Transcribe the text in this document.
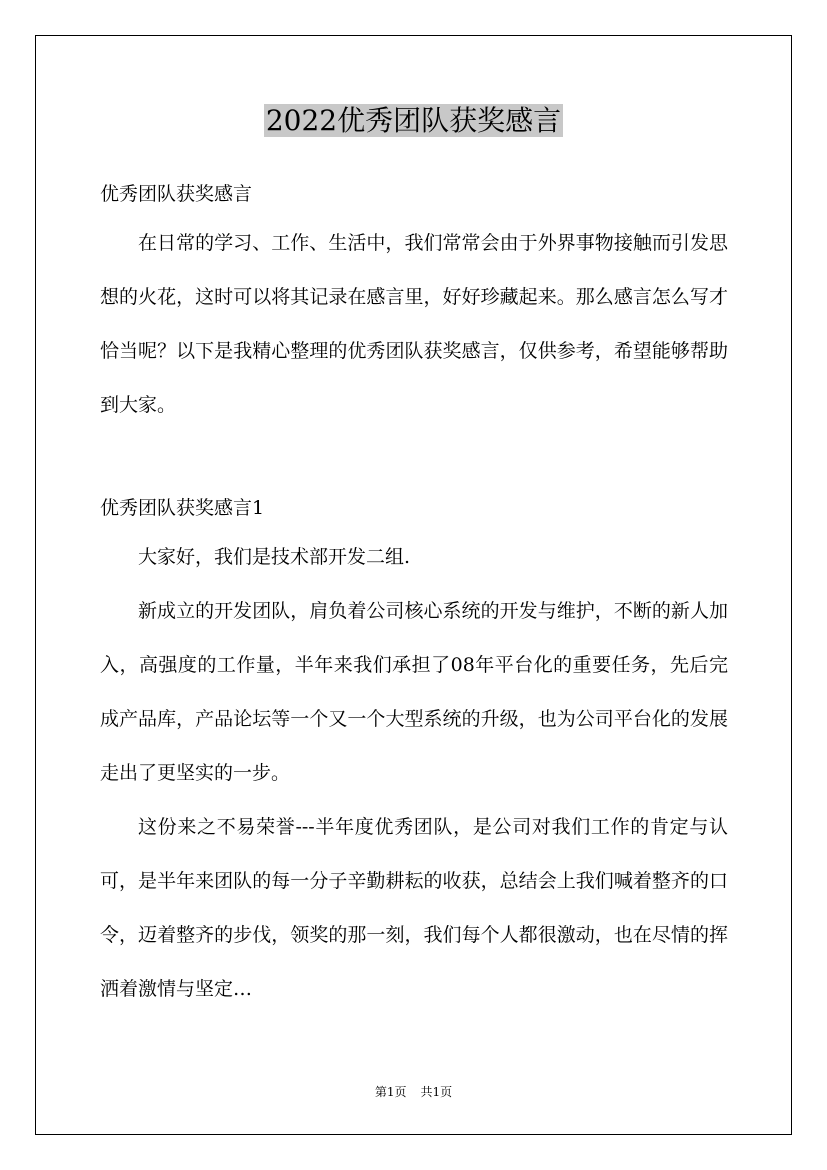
2022优秀团队获奖感言
优秀团队获奖感言

在日常的学习、工作、生活中，我们常常会由于外界事物接触而引发思想的火花，这时可以将其记录在感言里，好好珍藏起来。那么感言怎么写才恰当呢？以下是我精心整理的优秀团队获奖感言，仅供参考，希望能够帮助到大家。

优秀团队获奖感言1

大家好，我们是技术部开发二组.

新成立的开发团队，肩负着公司核心系统的开发与维护，不断的新人加入，高强度的工作量，半年来我们承担了08年平台化的重要任务，先后完成产品库，产品论坛等一个又一个大型系统的升级，也为公司平台化的发展走出了更坚实的一步。

这份来之不易荣誉---半年度优秀团队，是公司对我们工作的肯定与认可，是半年来团队的每一分子辛勤耕耘的收获，总结会上我们喊着整齐的口令，迈着整齐的步伐，领奖的那一刻，我们每个人都很激动，也在尽情的挥洒着激情与坚定…

第1页 共1页
